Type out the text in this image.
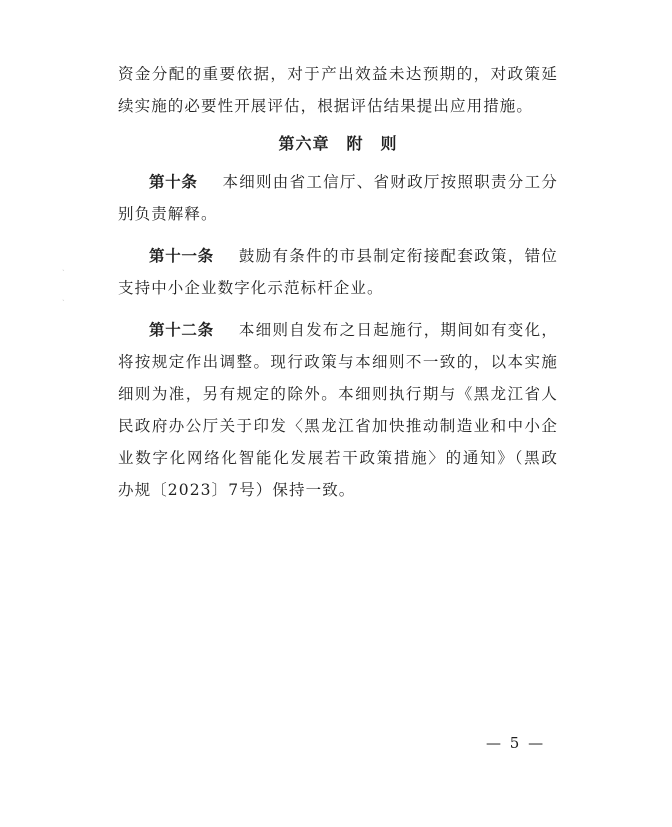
资金分配的重要依据，对于产出效益未达预期的，对政策延续实施的必要性开展评估，根据评估结果提出应用措施。

第六章　附　则

第十条 本细则由省工信厅、省财政厅按照职责分工分别负责解释。

第十一条 鼓励有条件的市县制定衔接配套政策，错位支持中小企业数字化示范标杆企业。

第十二条 本细则自发布之日起施行，期间如有变化，将按规定作出调整。现行政策与本细则不一致的，以本实施细则为准，另有规定的除外。本细则执行期与《黑龙江省人民政府办公厅关于印发〈黑龙江省加快推动制造业和中小企业数字化网络化智能化发展若干政策措施〉的通知》（黑政办规〔2023〕7号）保持一致。

ˎ
ˏ
— 5 —
